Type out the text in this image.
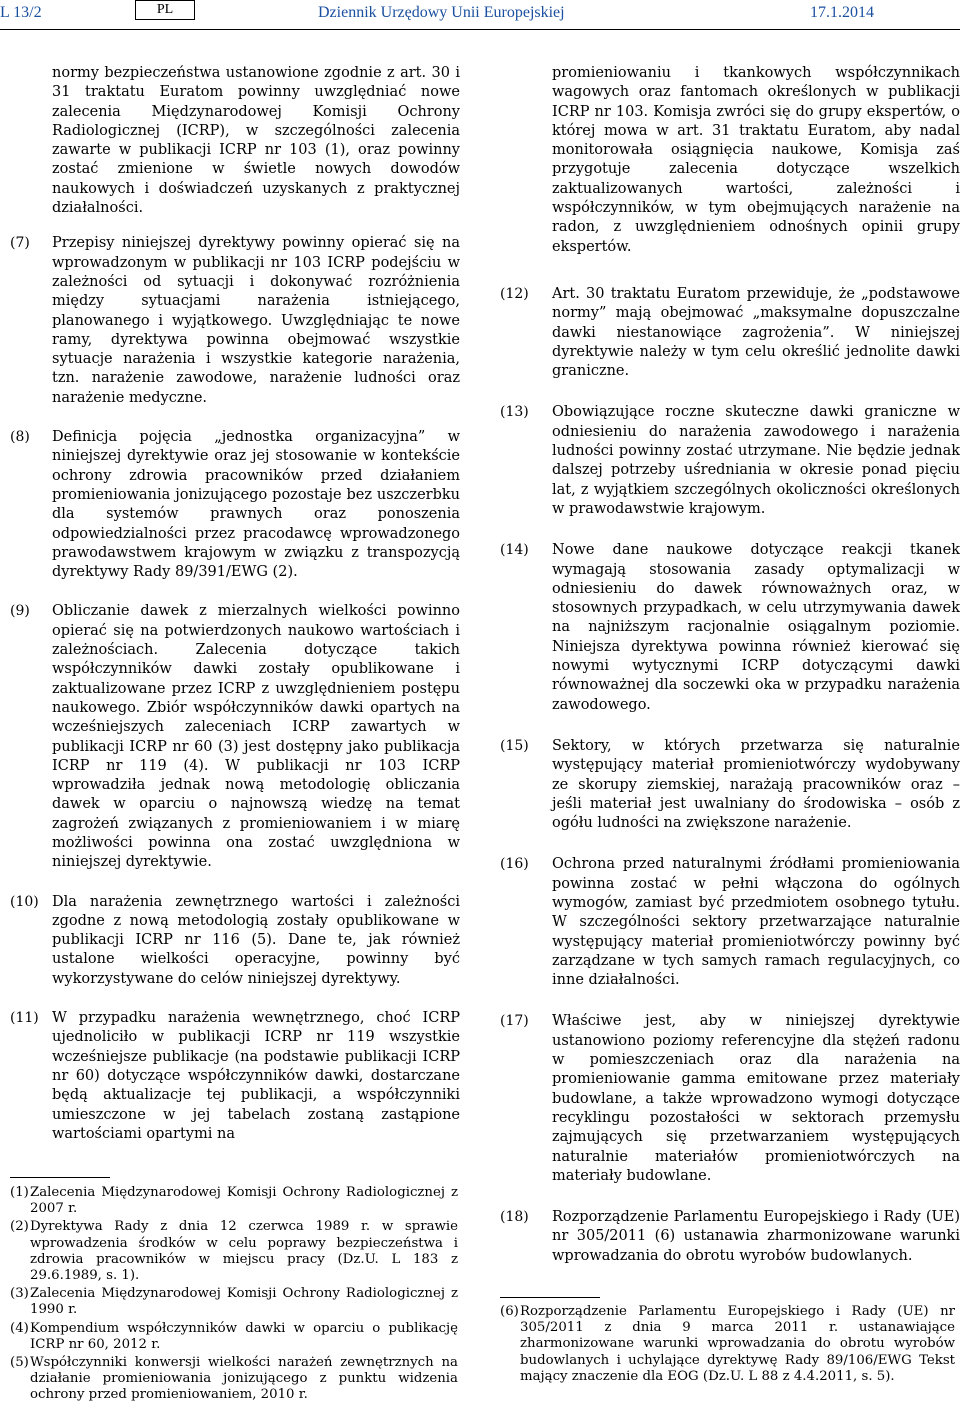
L 13/2	PL	Dziennik Urzędowy Unii Europejskiej	17.1.2014

normy bezpieczeństwa ustanowione zgodnie z art. 30 i 31 traktatu Euratom powinny uwzględniać nowe zalecenia Międzynarodowej Komisji Ochrony Radiologicznej (ICRP), w szczególności zalecenia zawarte w publikacji ICRP nr 103 (1), oraz powinny zostać zmienione w świetle nowych dowodów naukowych i doświadczeń uzyskanych z praktycznej działalności.

(7) Przepisy niniejszej dyrektywy powinny opierać się na wprowadzonym w publikacji nr 103 ICRP podejściu w zależności od sytuacji i dokonywać rozróżnienia między sytuacjami narażenia istniejącego, planowanego i wyjątkowego. Uwzględniając te nowe ramy, dyrektywa powinna obejmować wszystkie sytuacje narażenia i wszystkie kategorie narażenia, tzn. narażenie zawodowe, narażenie ludności oraz narażenie medyczne.

(8) Definicja pojęcia „jednostka organizacyjna” w niniejszej dyrektywie oraz jej stosowanie w kontekście ochrony zdrowia pracowników przed działaniem promieniowania jonizującego pozostaje bez uszczerbku dla systemów prawnych oraz ponoszenia odpowiedzialności przez pracodawcę wprowadzonego prawodawstwem krajowym w związku z transpozycją dyrektywy Rady 89/391/EWG (2).

(9) Obliczanie dawek z mierzalnych wielkości powinno opierać się na potwierdzonych naukowo wartościach i zależnościach. Zalecenia dotyczące takich współczynników dawki zostały opublikowane i zaktualizowane przez ICRP z uwzględnieniem postępu naukowego. Zbiór współczynników dawki opartych na wcześniejszych zaleceniach ICRP zawartych w publikacji ICRP nr 60 (3) jest dostępny jako publikacja ICRP nr 119 (4). W publikacji nr 103 ICRP wprowadziła jednak nową metodologię obliczania dawek w oparciu o najnowszą wiedzę na temat zagrożeń związanych z promieniowaniem i w miarę możliwości powinna ona zostać uwzględniona w niniejszej dyrektywie.

(10) Dla narażenia zewnętrznego wartości i zależności zgodne z nową metodologią zostały opublikowane w publikacji ICRP nr 116 (5). Dane te, jak również ustalone wielkości operacyjne, powinny być wykorzystywane do celów niniejszej dyrektywy.

(11) W przypadku narażenia wewnętrznego, choć ICRP ujednoliciło w publikacji ICRP nr 119 wszystkie wcześniejsze publikacje (na podstawie publikacji ICRP nr 60) dotyczące współczynników dawki, dostarczane będą aktualizacje tej publikacji, a współczynniki umieszczone w jej tabelach zostaną zastąpione wartościami opartymi na

(1) Zalecenia Międzynarodowej Komisji Ochrony Radiologicznej z 2007 r.

(2) Dyrektywa Rady z dnia 12 czerwca 1989 r. w sprawie wprowadzenia środków w celu poprawy bezpieczeństwa i zdrowia pracowników w miejscu pracy (Dz.U. L 183 z 29.6.1989, s. 1).

(3) Zalecenia Międzynarodowej Komisji Ochrony Radiologicznej z 1990 r.

(4) Kompendium współczynników dawki w oparciu o publikację ICRP nr 60, 2012 r.

(5) Współczynniki konwersji wielkości narażeń zewnętrznych na działanie promieniowania jonizującego z punktu widzenia ochrony przed promieniowaniem, 2010 r.

promieniowaniu i tkankowych współczynnikach wagowych oraz fantomach określonych w publikacji ICRP nr 103. Komisja zwróci się do grupy ekspertów, o której mowa w art. 31 traktatu Euratom, aby nadal monitorowała osiągnięcia naukowe, Komisja zaś przygotuje zalecenia dotyczące wszelkich zaktualizowanych wartości, zależności i współczynników, w tym obejmujących narażenie na radon, z uwzględnieniem odnośnych opinii grupy ekspertów.

(12) Art. 30 traktatu Euratom przewiduje, że „podstawowe normy” mają obejmować „maksymalne dopuszczalne dawki niestanowiące zagrożenia”. W niniejszej dyrektywie należy w tym celu określić jednolite dawki graniczne.

(13) Obowiązujące roczne skuteczne dawki graniczne w odniesieniu do narażenia zawodowego i narażenia ludności powinny zostać utrzymane. Nie będzie jednak dalszej potrzeby uśredniania w okresie ponad pięciu lat, z wyjątkiem szczególnych okoliczności określonych w prawodawstwie krajowym.

(14) Nowe dane naukowe dotyczące reakcji tkanek wymagają stosowania zasady optymalizacji w odniesieniu do dawek równoważnych oraz, w stosownych przypadkach, w celu utrzymywania dawek na najniższym racjonalnie osiągalnym poziomie. Niniejsza dyrektywa powinna również kierować się nowymi wytycznymi ICRP dotyczącymi dawki równoważnej dla soczewki oka w przypadku narażenia zawodowego.

(15) Sektory, w których przetwarza się naturalnie występujący materiał promieniotwórczy wydobywany ze skorupy ziemskiej, narażają pracowników oraz – jeśli materiał jest uwalniany do środowiska – osób z ogółu ludności na zwiększone narażenie.

(16) Ochrona przed naturalnymi źródłami promieniowania powinna zostać w pełni włączona do ogólnych wymogów, zamiast być przedmiotem osobnego tytułu. W szczególności sektory przetwarzające naturalnie występujący materiał promieniotwórczy powinny być zarządzane w tych samych ramach regulacyjnych, co inne działalności.

(17) Właściwe jest, aby w niniejszej dyrektywie ustanowiono poziomy referencyjne dla stężeń radonu w pomieszczeniach oraz dla narażenia na promieniowanie gamma emitowane przez materiały budowlane, a także wprowadzono wymogi dotyczące recyklingu pozostałości w sektorach przemysłu zajmujących się przetwarzaniem występujących naturalnie materiałów promieniotwórczych na materiały budowlane.

(18) Rozporządzenie Parlamentu Europejskiego i Rady (UE) nr 305/2011 (6) ustanawia zharmonizowane warunki wprowadzania do obrotu wyrobów budowlanych.

(6) Rozporządzenie Parlamentu Europejskiego i Rady (UE) nr 305/2011 z dnia 9 marca 2011 r. ustanawiające zharmonizowane warunki wprowadzania do obrotu wyrobów budowlanych i uchylające dyrektywę Rady 89/106/EWG Tekst mający znaczenie dla EOG (Dz.U. L 88 z 4.4.2011, s. 5).
